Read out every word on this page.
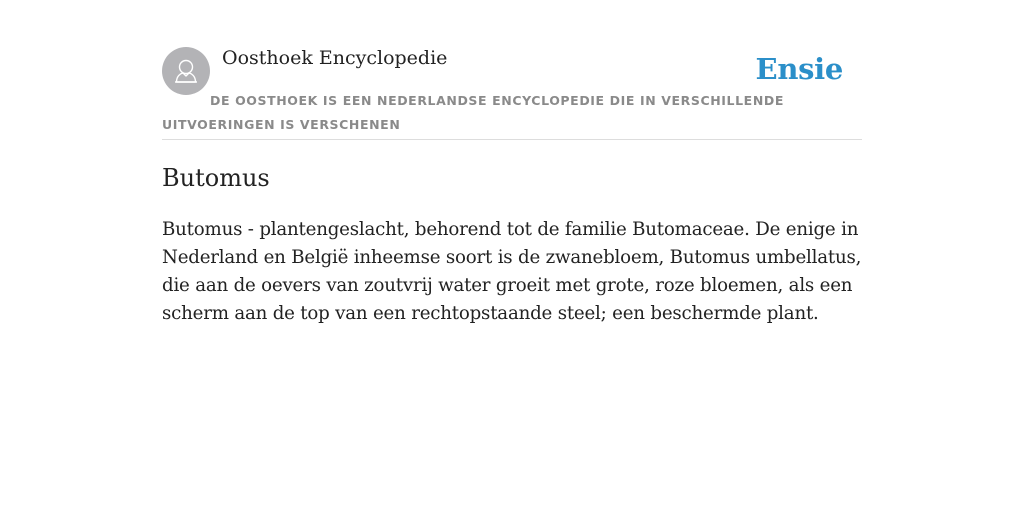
Oosthoek Encyclopedie	Ensie
DE OOSTHOEK IS EEN NEDERLANDSE ENCYCLOPEDIE DIE IN VERSCHILLENDE UITVOERINGEN IS VERSCHENEN
Butomus

Butomus - plantengeslacht, behorend tot de familie Butomaceae. De enige in Nederland en België inheemse soort is de zwanebloem, Butomus umbellatus, die aan de oevers van zoutvrij water groeit met grote, roze bloemen, als een scherm aan de top van een rechtopstaande steel; een beschermde plant.
